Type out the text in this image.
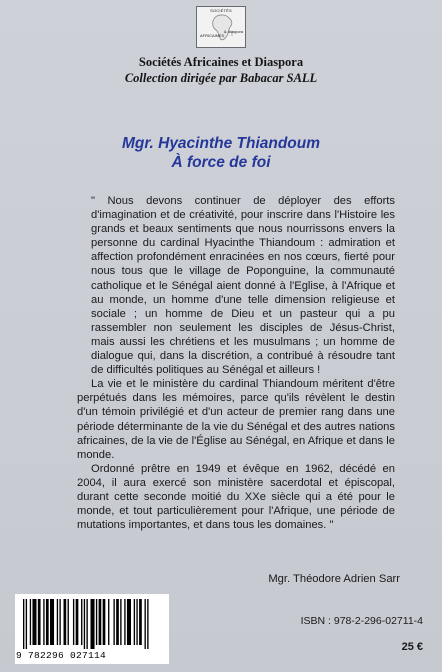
SOCIÉTÉS
AFRICAINES
& diaspora
Sociétés Africaines et Diaspora
Collection dirigée par Babacar SALL
Mgr. Hyacinthe Thiandoum
À force de foi

" Nous devons continuer de déployer des efforts d'imagination et de créativité, pour inscrire dans l'Histoire les grands et beaux sentiments que nous nourrissons envers la personne du cardinal Hyacinthe Thiandoum : admiration et affection profondément enracinées en nos cœurs, fierté pour nous tous que le village de Poponguine, la communauté catholique et le Sénégal aient donné à l'Eglise, à l'Afrique et au monde, un homme d'une telle dimension religieuse et sociale ; un homme de Dieu et un pasteur qui a pu rassembler non seulement les disciples de Jésus-Christ, mais aussi les chrétiens et les musulmans ; un homme de dialogue qui, dans la discrétion, a contribué à résoudre tant de difficultés politiques au Sénégal et ailleurs !

La vie et le ministère du cardinal Thiandoum méritent d'être perpétués dans les mémoires, parce qu'ils révèlent le destin d'un témoin privilégié et d'un acteur de premier rang dans une période déterminante de la vie du Sénégal et des autres nations africaines, de la vie de l'Église au Sénégal, en Afrique et dans le monde.

Ordonné prêtre en 1949 et évêque en 1962, décédé en 2004, il aura exercé son ministère sacerdotal et épiscopal, durant cette seconde moitié du XXe siècle qui a été pour le monde, et tout particulièrement pour l'Afrique, une période de mutations importantes, et dans tous les domaines. "

Mgr. Théodore Adrien Sarr
9 782296 027114
ISBN : 978-2-296-02711-4
25 €
